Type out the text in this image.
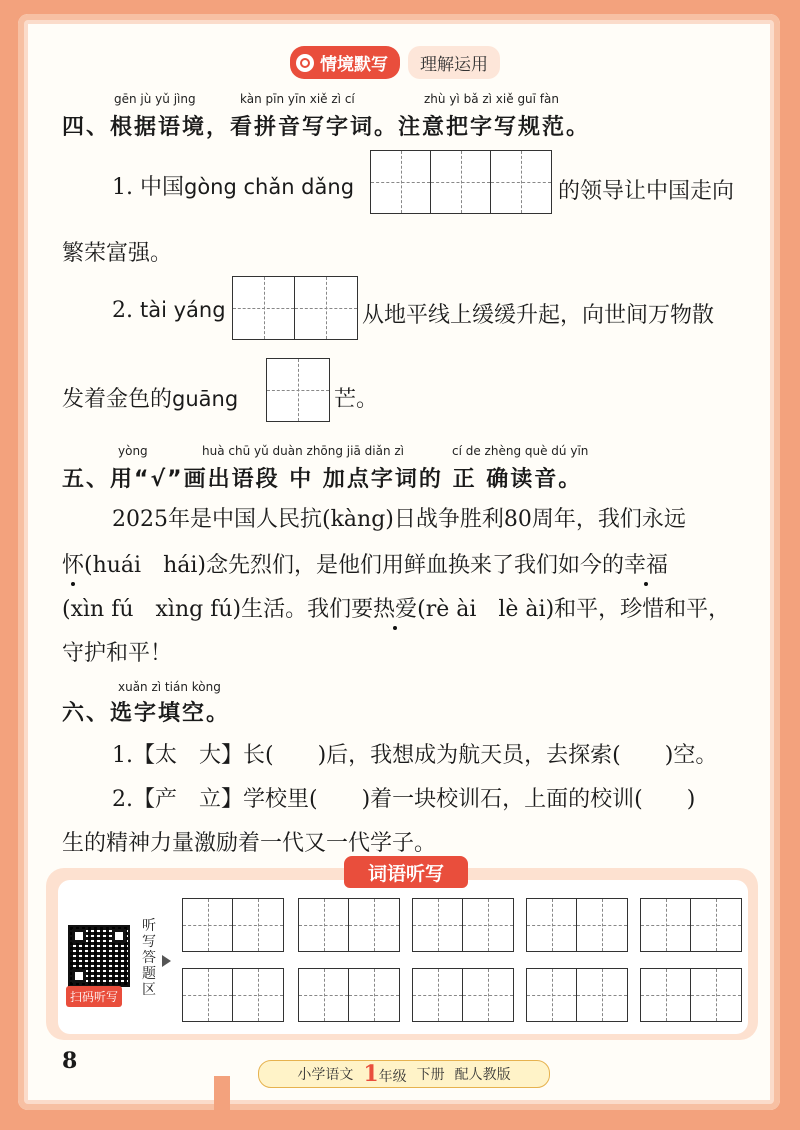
情境默写	理解运用
gēn jù yǔ jìng	kàn pīn yīn xiě zì cí	zhù yì bǎ zì xiě guī fàn
四、根据语境，看拼音写字词。注意把字写规范。
1. 中国gòng chǎn dǎng	的领导让中国走向
繁荣富强。
2. tài yáng	从地平线上缓缓升起，向世间万物散
发着金色的guāng	芒。
yòng	huà chū yǔ duàn zhōng jiā diǎn zì	cí de zhèng què dú yīn
五、用“√”画出语段 中 加点字词的 正 确读音。
2025年是中国人民抗(kàng)日战争胜利80周年，我们永远
怀(huái　hái)念先烈们，是他们用鲜血换来了我们如今的幸福
(xìn fú　xìng fú)生活。我们要热爱(rè ài　lè ài)和平，珍惜和平，
守护和平！
xuǎn zì tián kòng
六、选字填空。
1.【太　大】长(　　)后，我想成为航天员，去探索(　　)空。
2.【产　立】学校里(　　)着一块校训石，上面的校训(　　)
生的精神力量激励着一代又一代学子。
词语听写
扫码听写
听写答题区
8
小学语文 1年级 下册 配人教版
